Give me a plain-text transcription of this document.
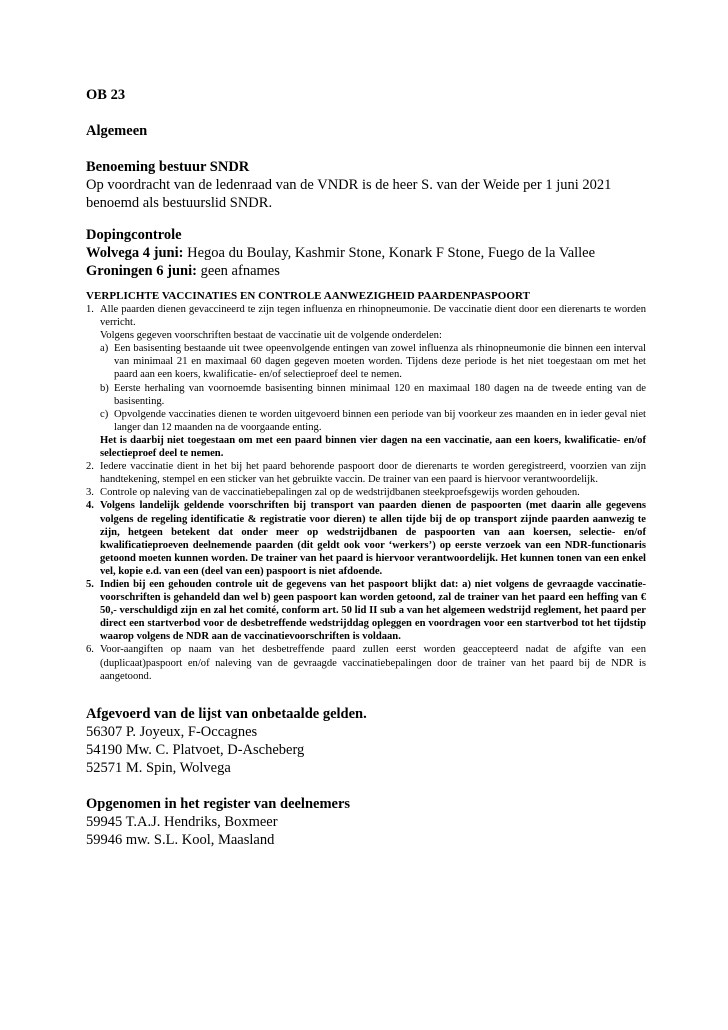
OB 23

Algemeen

Benoeming bestuur SNDR

Op voordracht van de ledenraad van de VNDR is de heer S. van der Weide per 1 juni 2021 benoemd als bestuurslid SNDR.

Dopingcontrole

Wolvega 4 juni: Hegoa du Boulay, Kashmir Stone, Konark F Stone, Fuego de la Vallee

Groningen 6 juni: geen afnames

VERPLICHTE VACCINATIES EN CONTROLE AANWEZIGHEID PAARDENPASPOORT
1. Alle paarden dienen gevaccineerd te zijn tegen influenza en rhinopneumonie. De vaccinatie dient door een dierenarts te worden verricht.
Volgens gegeven voorschriften bestaat de vaccinatie uit de volgende onderdelen:
a) Een basisenting bestaande uit twee opeenvolgende entingen van zowel influenza als rhinopneumonie die binnen een interval van minimaal 21 en maximaal 60 dagen gegeven moeten worden. Tijdens deze periode is het niet toegestaan om met het paard aan een koers, kwalificatie- en/of selectieproef deel te nemen.
b) Eerste herhaling van voornoemde basisenting binnen minimaal 120 en maximaal 180 dagen na de tweede enting van de basisenting.
c) Opvolgende vaccinaties dienen te worden uitgevoerd binnen een periode van bij voorkeur zes maanden en in ieder geval niet langer dan 12 maanden na de voorgaande enting.
Het is daarbij niet toegestaan om met een paard binnen vier dagen na een vaccinatie, aan een koers, kwalificatie- en/of selectieproef deel te nemen.
2. Iedere vaccinatie dient in het bij het paard behorende paspoort door de dierenarts te worden geregistreerd, voorzien van zijn handtekening, stempel en een sticker van het gebruikte vaccin. De trainer van een paard is hiervoor verantwoordelijk.
3. Controle op naleving van de vaccinatiebepalingen zal op de wedstrijdbanen steekproefsgewijs worden gehouden.
4. Volgens landelijk geldende voorschriften bij transport van paarden dienen de paspoorten (met daarin alle gegevens volgens de regeling identificatie & registratie voor dieren) te allen tijde bij de op transport zijnde paarden aanwezig te zijn, hetgeen betekent dat onder meer op wedstrijdbanen de paspoorten van aan koersen, selectie- en/of kwalificatieproeven deelnemende paarden (dit geldt ook voor ‘werkers’) op eerste verzoek van een NDR-functionaris getoond moeten kunnen worden. De trainer van het paard is hiervoor verantwoordelijk. Het kunnen tonen van een enkel vel, kopie e.d. van een (deel van een) paspoort is niet afdoende.
5. Indien bij een gehouden controle uit de gegevens van het paspoort blijkt dat: a) niet volgens de gevraagde vaccinatie-voorschriften is gehandeld dan wel b) geen paspoort kan worden getoond, zal de trainer van het paard een heffing van € 50,- verschuldigd zijn en zal het comité, conform art. 50 lid II sub a van het algemeen wedstrijd reglement, het paard per direct een startverbod voor de desbetreffende wedstrijddag opleggen en voordragen voor een startverbod tot het tijdstip waarop volgens de NDR aan de vaccinatievoorschriften is voldaan.
6. Voor-aangiften op naam van het desbetreffende paard zullen eerst worden geaccepteerd nadat de afgifte van een (duplicaat)paspoort en/of naleving van de gevraagde vaccinatiebepalingen door de trainer van het paard bij de NDR is aangetoond.
Afgevoerd van de lijst van onbetaalde gelden.
56307 P. Joyeux, F-Occagnes
54190 Mw. C. Platvoet, D-Ascheberg
52571 M. Spin, Wolvega
Opgenomen in het register van deelnemers
59945 T.A.J. Hendriks, Boxmeer
59946 mw. S.L. Kool, Maasland
